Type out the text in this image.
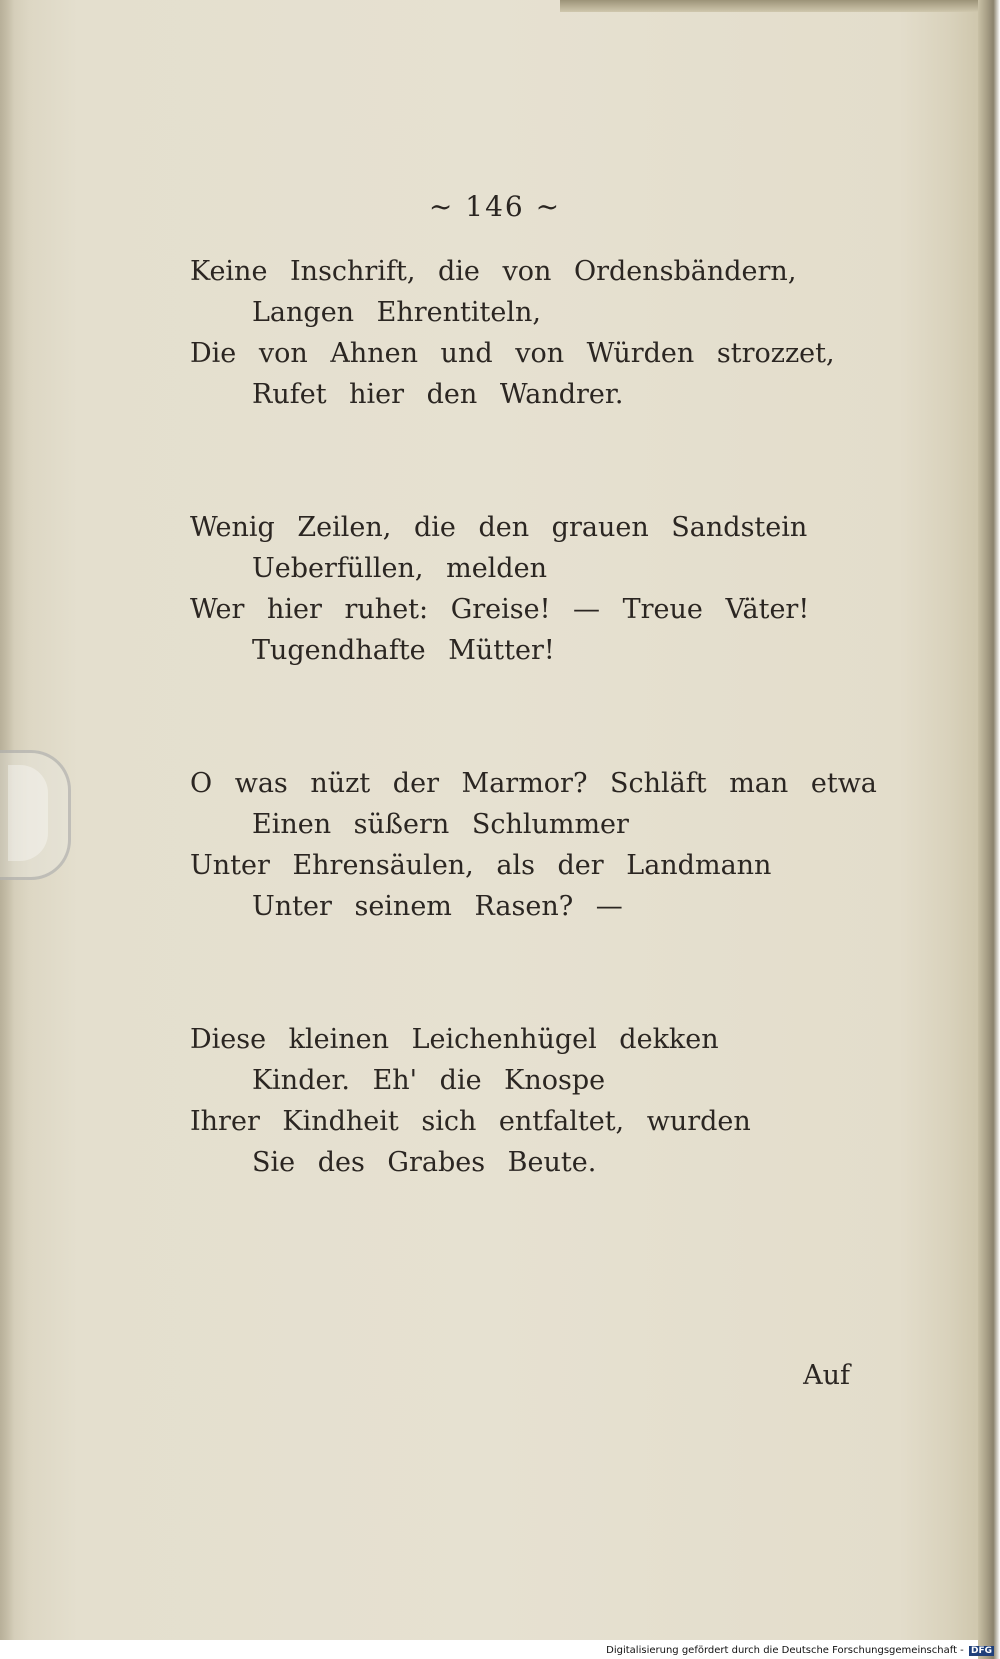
~ 146 ~
Keine Inschrift, die von Ordensbändern,
Langen Ehrentiteln,
Die von Ahnen und von Würden strozzet,
Rufet hier den Wandrer.
Wenig Zeilen, die den grauen Sandstein
Ueberfüllen, melden
Wer hier ruhet: Greise! — Treue Väter!
Tugendhafte Mütter!
O was nüzt der Marmor? Schläft man etwa
Einen süßern Schlummer
Unter Ehrensäulen, als der Landmann
Unter seinem Rasen? —
Diese kleinen Leichenhügel dekken
Kinder. Eh' die Knospe
Ihrer Kindheit sich entfaltet, wurden
Sie des Grabes Beute.
Auf
Digitalisierung gefördert durch die Deutsche Forschungsgemeinschaft - DFG
